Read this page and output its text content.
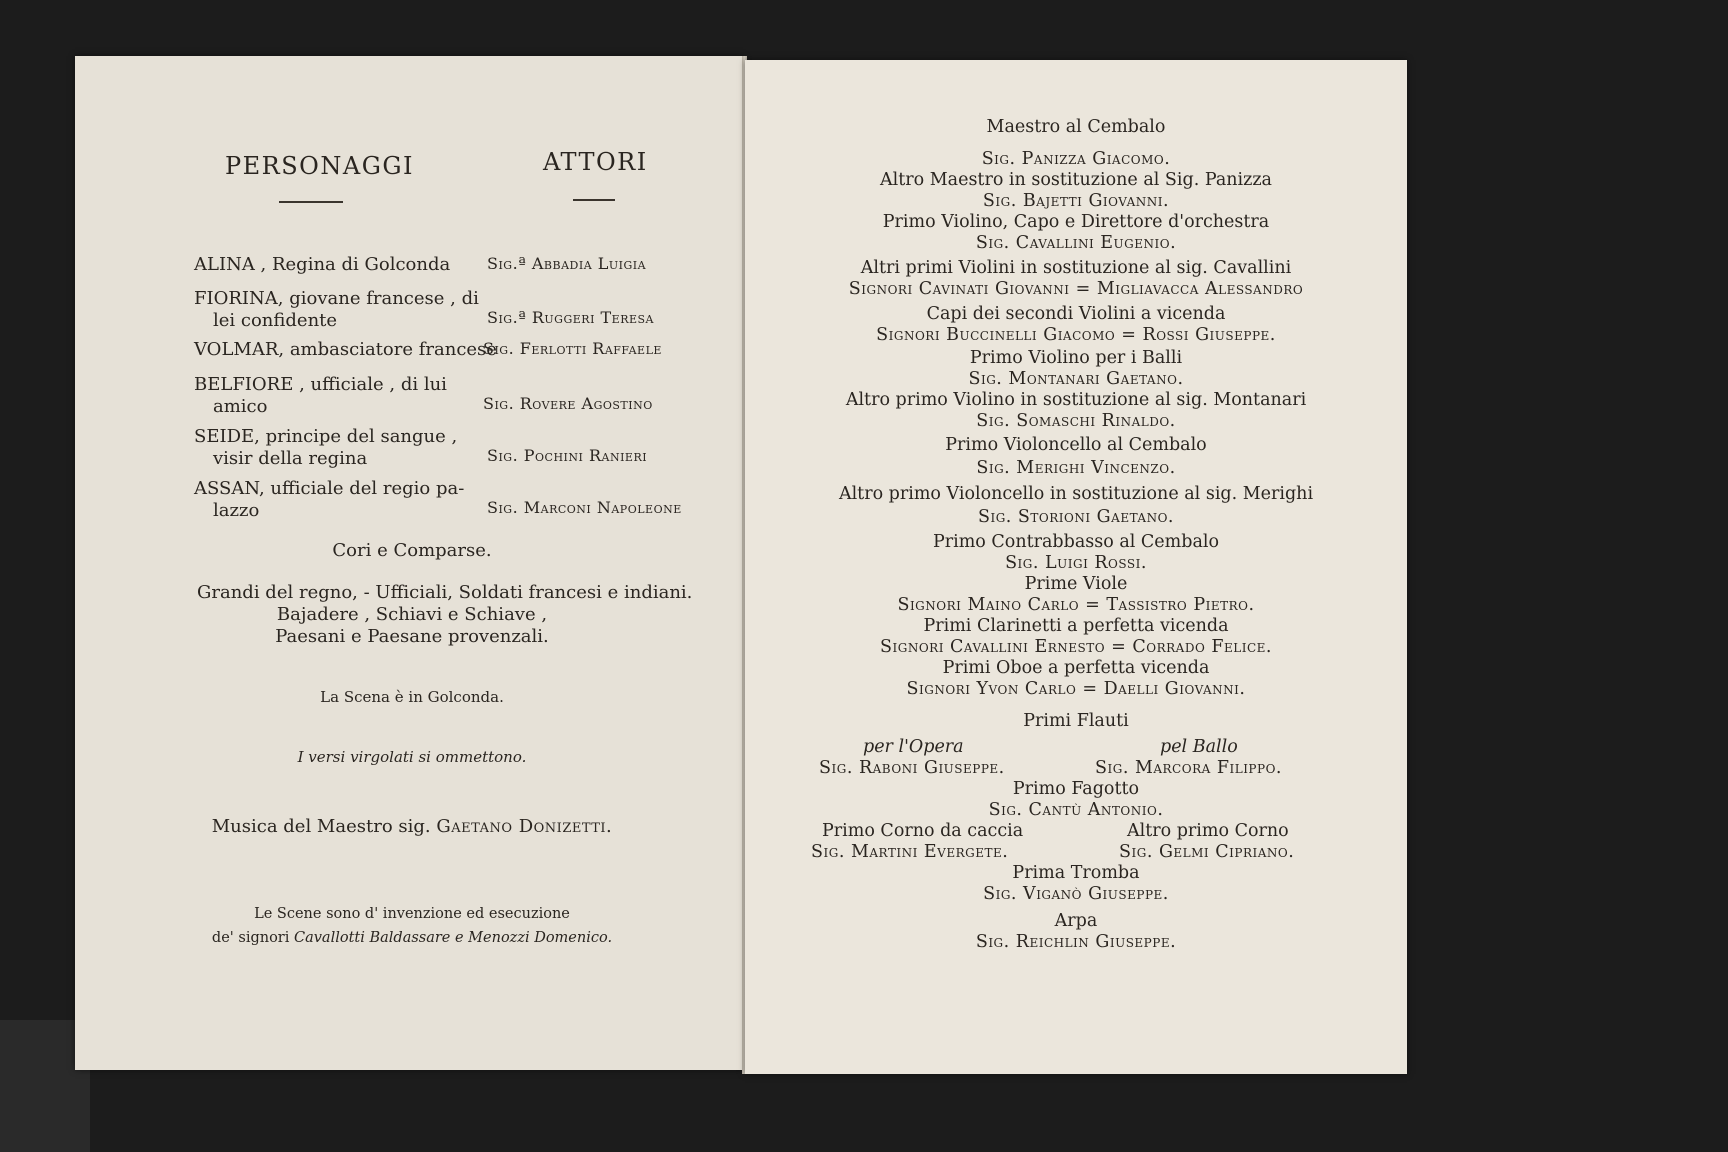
PERSONAGGI	ATTORI
ALINA , Regina di Golconda Sig.ª Abbadia Luigia
FIORINA, giovane francese , di
lei confidente	Sig.ª Ruggeri Teresa
VOLMAR, ambasciatore francese
Sig. Ferlotti Raffaele
BELFIORE , ufficiale , di lui
amico	Sig. Rovere Agostino
SEIDE, principe del sangue ,
visir della regina	Sig. Pochini Ranieri
ASSAN, ufficiale del regio pa-
lazzo	Sig. Marconi Napoleone
Cori e Comparse.
Grandi del regno, - Ufficiali, Soldati francesi e indiani.
Bajadere , Schiavi e Schiave ,
Paesani e Paesane provenzali.
La Scena è in Golconda.
I versi virgolati si ommettono.
Musica del Maestro sig. Gaetano Donizetti.
Le Scene sono d' invenzione ed esecuzione
de' signori Cavallotti Baldassare e Menozzi Domenico.
Maestro al Cembalo
Sig. Panizza Giacomo.
Altro Maestro in sostituzione al Sig. Panizza
Sig. Bajetti Giovanni.
Primo Violino, Capo e Direttore d'orchestra
Sig. Cavallini Eugenio.
Altri primi Violini in sostituzione al sig. Cavallini
Signori Cavinati Giovanni = Migliavacca Alessandro
Capi dei secondi Violini a vicenda
Signori Buccinelli Giacomo = Rossi Giuseppe.
Primo Violino per i Balli
Sig. Montanari Gaetano.
Altro primo Violino in sostituzione al sig. Montanari
Sig. Somaschi Rinaldo.
Primo Violoncello al Cembalo
Sig. Merighi Vincenzo.
Altro primo Violoncello in sostituzione al sig. Merighi
Sig. Storioni Gaetano.
Primo Contrabbasso al Cembalo
Sig. Luigi Rossi.
Prime Viole
Signori Maino Carlo = Tassistro Pietro.
Primi Clarinetti a perfetta vicenda
Signori Cavallini Ernesto = Corrado Felice.
Primi Oboe a perfetta vicenda
Signori Yvon Carlo = Daelli Giovanni.
Primi Flauti
per l'Opera	pel Ballo
Sig. Raboni Giuseppe.	Sig. Marcora Filippo.
Primo Fagotto
Sig. Cantù Antonio.
Primo Corno da caccia	Altro primo Corno
Sig. Martini Evergete.	Sig. Gelmi Cipriano.
Prima Tromba
Sig. Viganò Giuseppe.
Arpa
Sig. Reichlin Giuseppe.
